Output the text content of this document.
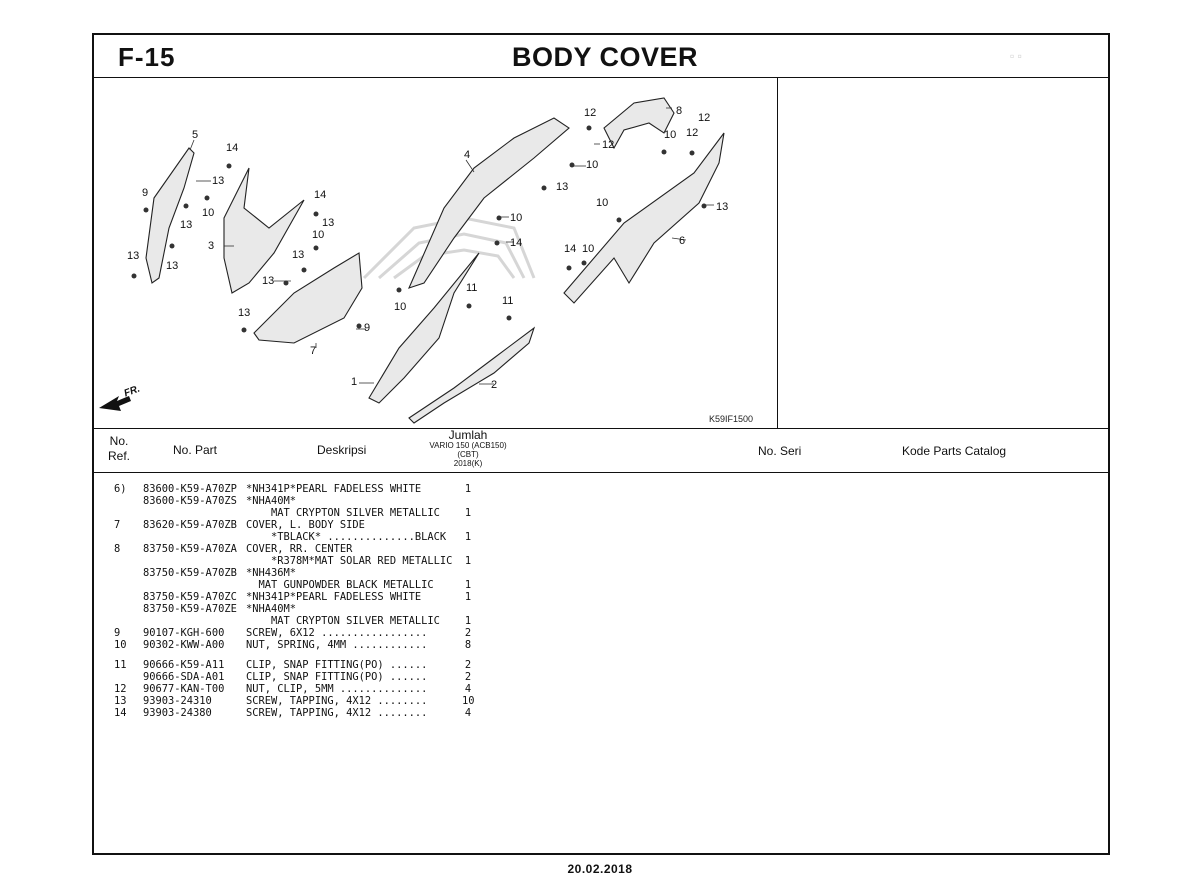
F-15	BODY COVER	▫ ▫
5
14
13
9
10
13
3
13
13
14
13
10
13
13
13
9
7
4
12	8
12
10 12
12
10
13
13
10
10
14	14 10
6
11
11
10
1	2
FR.
K59IF1500
No. Ref.	No. Part	Deskripsi
Jumlah
VARIO 150 (ACB150)
(CBT)
2018(K)
No. Seri	Kode Parts Catalog
6) 83600-K59-A70ZP *NH341P*PEARL FADELESS WHITE	1
83600-K59-A70ZS *NHA40M*
MAT CRYPTON SILVER METALLIC 1
7	83620-K59-A70ZB COVER, L. BODY SIDE
*TBLACK* ..............BLACK 1
8	83750-K59-A70ZA COVER, RR. CENTER
*R378M*MAT SOLAR RED METALLIC 1
83750-K59-A70ZB *NH436M*
MAT GUNPOWDER BLACK METALLIC	1
83750-K59-A70ZC *NH341P*PEARL FADELESS WHITE	1
83750-K59-A70ZE *NHA40M*
MAT CRYPTON SILVER METALLIC 1
9	90107-KGH-600 SCREW, 6X12 .................	2
10 90302-KWW-A00 NUT, SPRING, 4MM ............	8
11 90666-K59-A11 CLIP, SNAP FITTING(PO) ......	2
90666-SDA-A01 CLIP, SNAP FITTING(PO) ......	2
12 90677-KAN-T00 NUT, CLIP, 5MM ..............	4
13 93903-24310	SCREW, TAPPING, 4X12 ........	10
14 93903-24380	SCREW, TAPPING, 4X12 ........	4
20.02.2018
